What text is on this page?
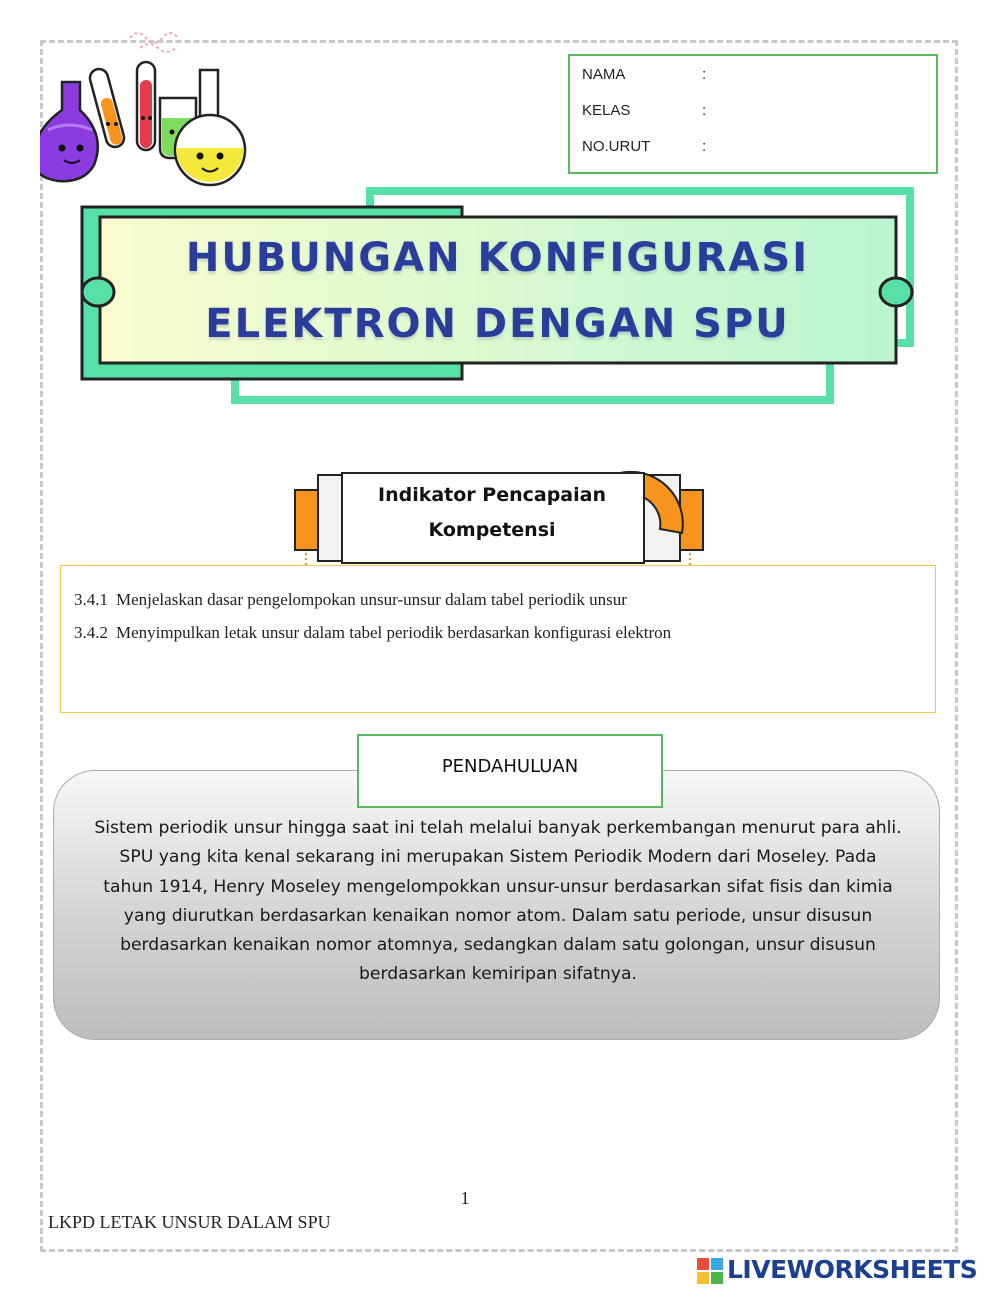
NAMA	:
KELAS	:
NO.URUT	:
HUBUNGAN KONFIGURASI
ELEKTRON DENGAN SPU
Indikator Pencapaian
Kompetensi
3.4.1 Menjelaskan dasar pengelompokan unsur-unsur dalam tabel periodik unsur
3.4.2 Menyimpulkan letak unsur dalam tabel periodik berdasarkan konfigurasi elektron
Sistem periodik unsur hingga saat ini telah melalui banyak perkembangan menurut para ahli.
SPU yang kita kenal sekarang ini merupakan Sistem Periodik Modern dari Moseley. Pada
tahun 1914, Henry Moseley mengelompokkan unsur-unsur berdasarkan sifat fisis dan kimia
yang diurutkan berdasarkan kenaikan nomor atom. Dalam satu periode, unsur disusun
berdasarkan kenaikan nomor atomnya, sedangkan dalam satu golongan, unsur disusun
berdasarkan kemiripan sifatnya.
PENDAHULUAN
1
LKPD LETAK UNSUR DALAM SPU
LIVEWORKSHEETS
